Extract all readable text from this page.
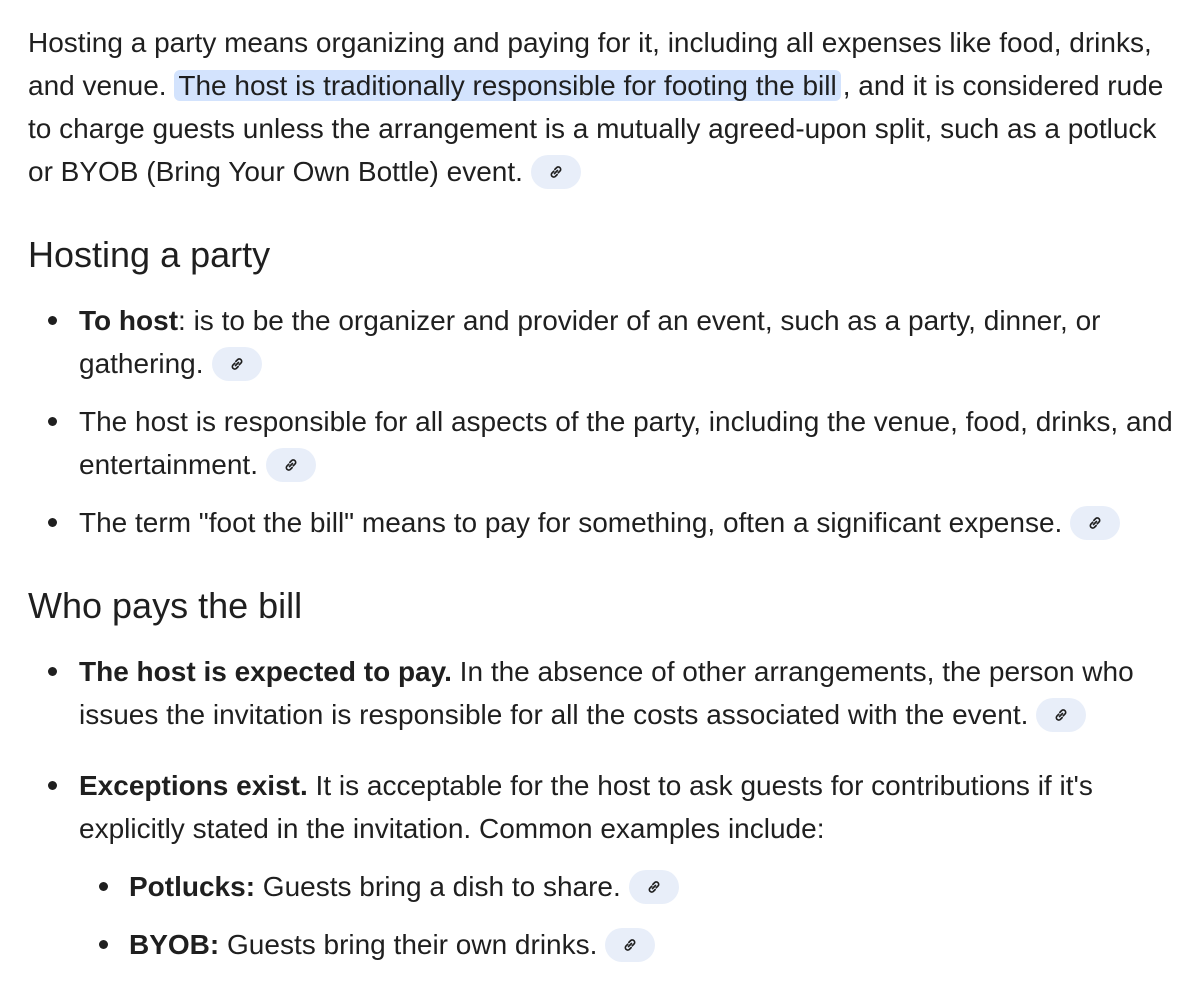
Hosting a party means organizing and paying for it, including all expenses like food, drinks, and venue. The host is traditionally responsible for footing the bill , and it is considered rude to charge guests unless the arrangement is a mutually agreed-upon split, such as a potluck or BYOB (Bring Your Own Bottle) event.

Hosting a party
To host: is to be the organizer and provider of an event, such as a party, dinner, or gathering.
The host is responsible for all aspects of the party, including the venue, food, drinks, and entertainment.
The term "foot the bill" means to pay for something, often a significant expense.
Who pays the bill
The host is expected to pay. In the absence of other arrangements, the person who issues the invitation is responsible for all the costs associated with the event.
Exceptions exist. It is acceptable for the host to ask guests for contributions if it's explicitly stated in the invitation. Common examples include:
Potlucks: Guests bring a dish to share.
BYOB: Guests bring their own drinks.
